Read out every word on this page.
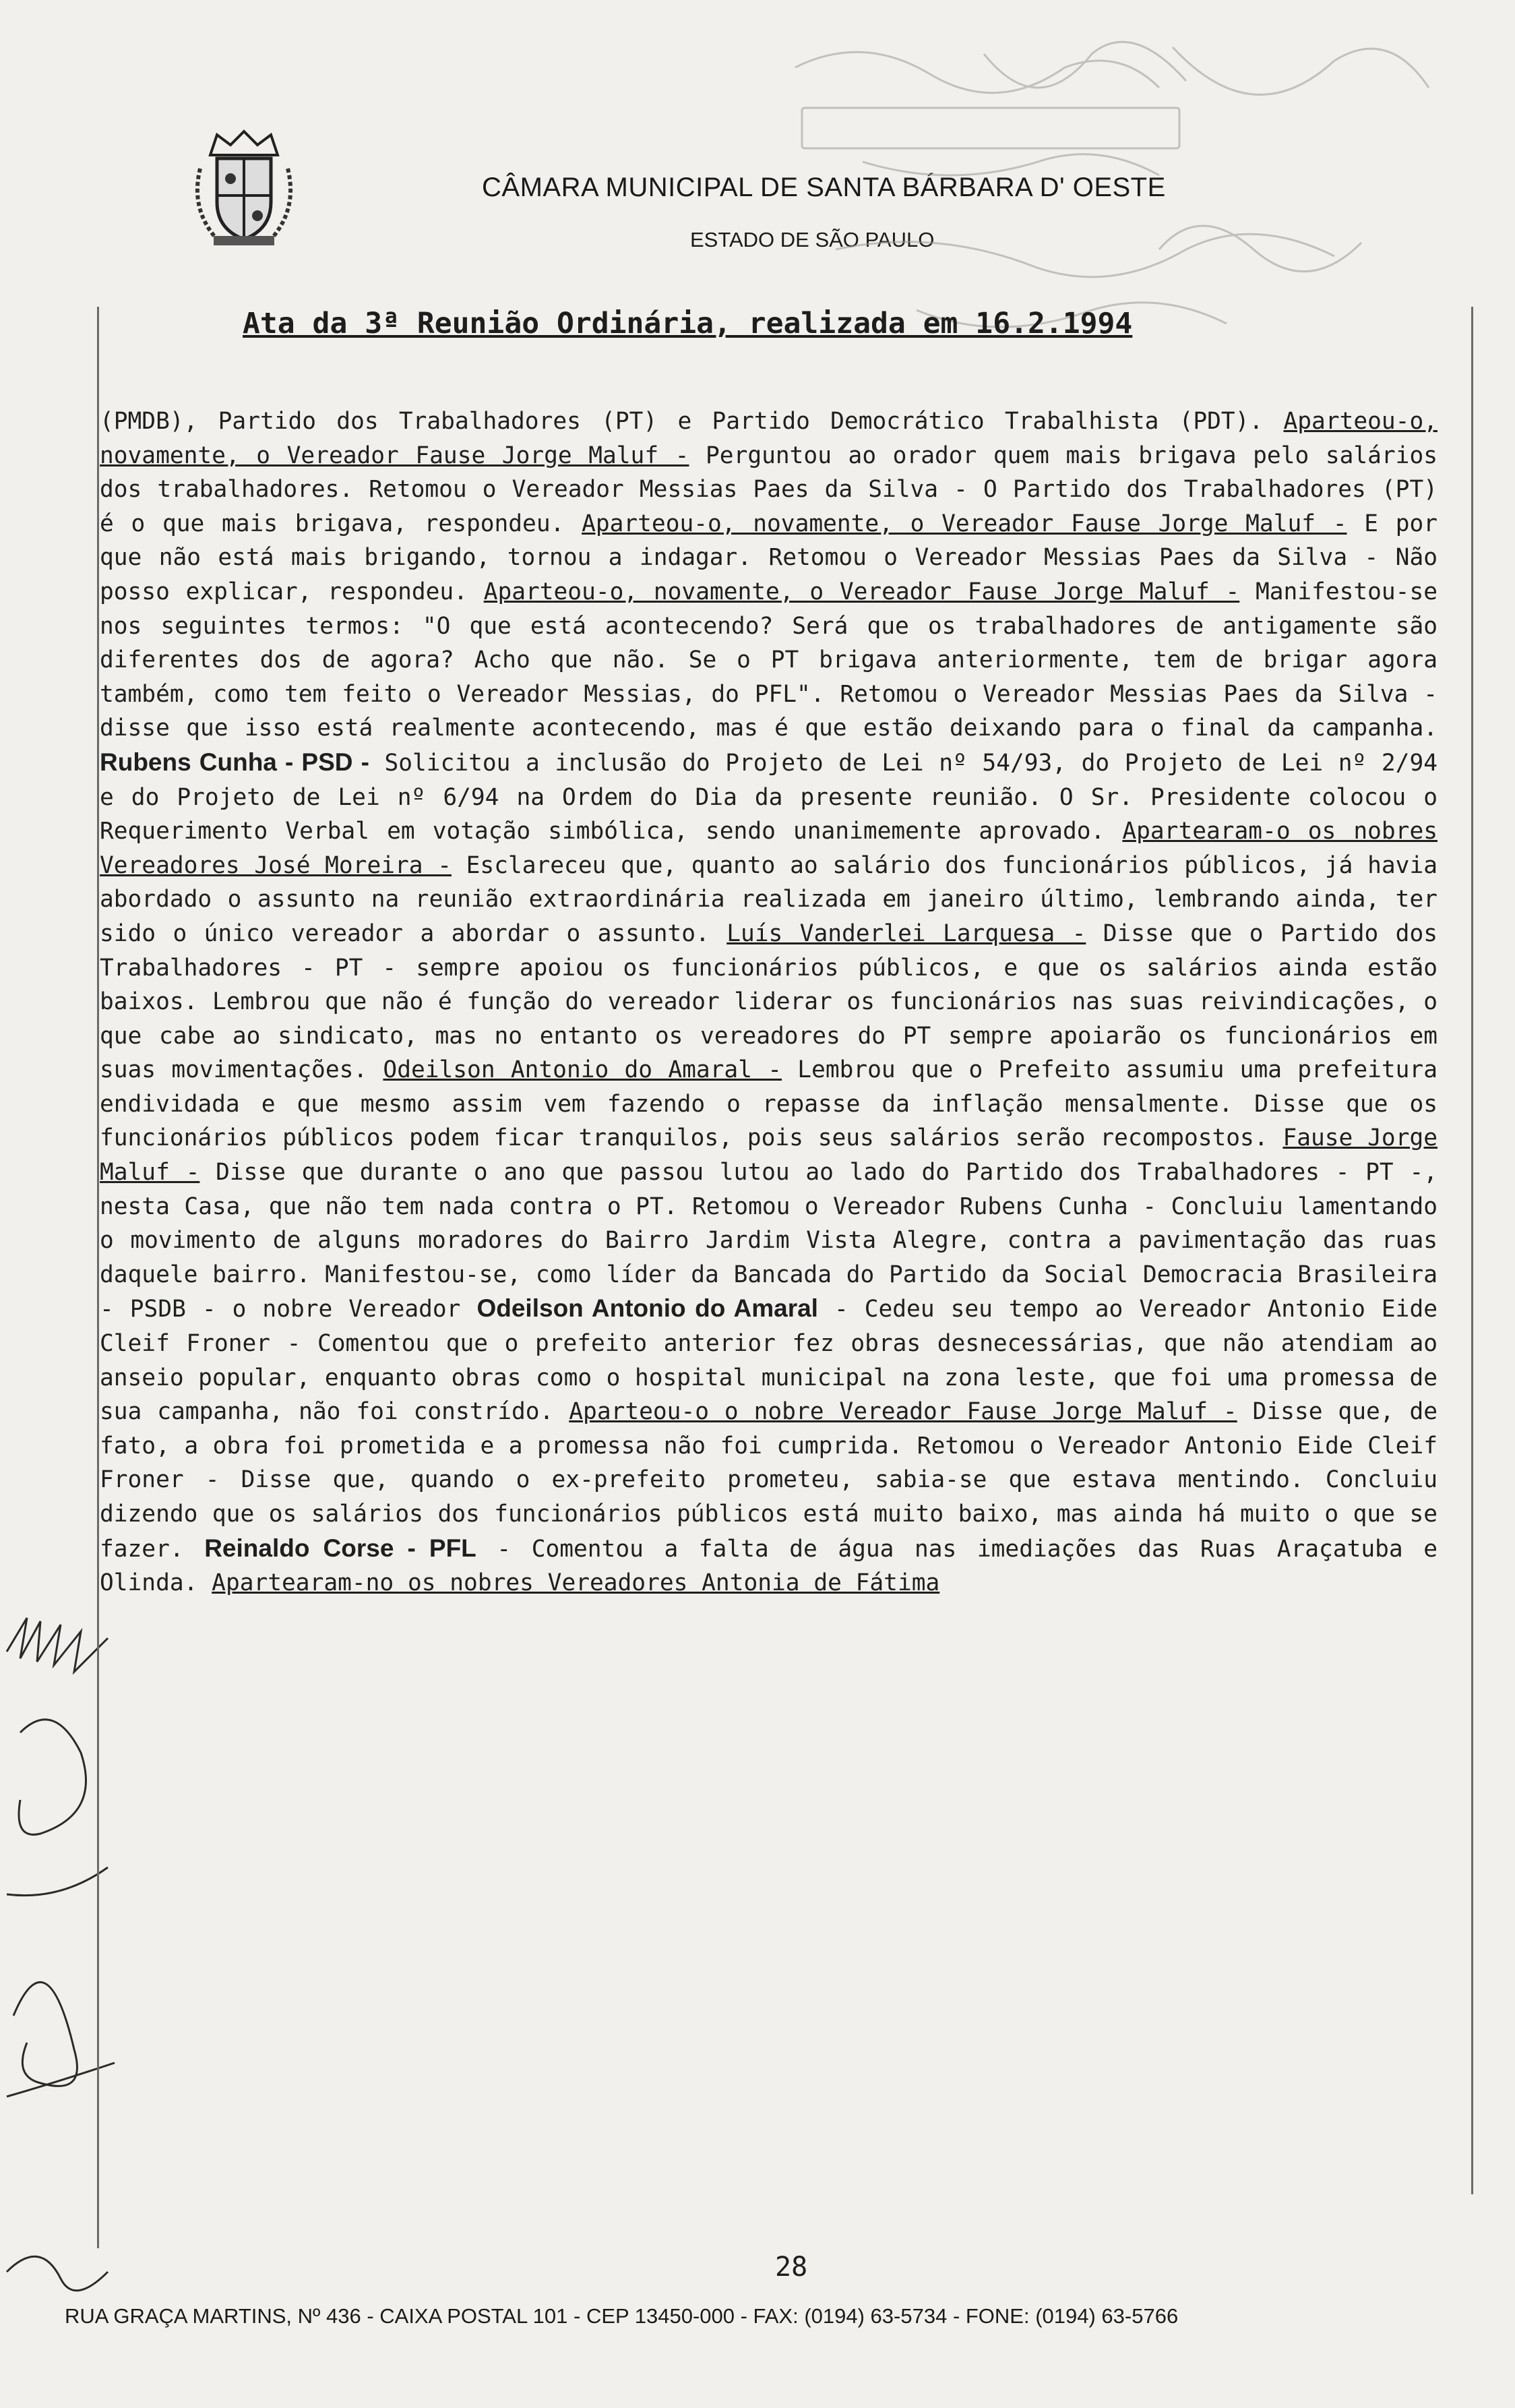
CÂMARA MUNICIPAL DE SANTA BÁRBARA D' OESTE
ESTADO DE SÃO PAULO
Ata da 3ª Reunião Ordinária, realizada em 16.2.1994

(PMDB), Partido dos Trabalhadores (PT) e Partido Democrático Trabalhista (PDT). Aparteou-o, novamente, o Vereador Fause Jorge Maluf - Perguntou ao orador quem mais brigava pelo salários dos trabalhadores. Retomou o Vereador Messias Paes da Silva - O Partido dos Trabalhadores (PT) é o que mais brigava, respondeu. Aparteou-o, novamente, o Vereador Fause Jorge Maluf - E por que não está mais brigando, tornou a indagar. Retomou o Vereador Messias Paes da Silva - Não posso explicar, respondeu. Aparteou-o, novamente, o Vereador Fause Jorge Maluf - Manifestou-se nos seguintes termos: "O que está acontecendo? Será que os trabalhadores de antigamente são diferentes dos de agora? Acho que não. Se o PT brigava anteriormente, tem de brigar agora também, como tem feito o Vereador Messias, do PFL". Retomou o Vereador Messias Paes da Silva - disse que isso está realmente acontecendo, mas é que estão deixando para o final da campanha. Rubens Cunha - PSD - Solicitou a inclusão do Projeto de Lei nº 54/93, do Projeto de Lei nº 2/94 e do Projeto de Lei nº 6/94 na Ordem do Dia da presente reunião. O Sr. Presidente colocou o Requerimento Verbal em votação simbólica, sendo unanimemente aprovado. Apartearam-o os nobres Vereadores José Moreira - Esclareceu que, quanto ao salário dos funcionários públicos, já havia abordado o assunto na reunião extraordinária realizada em janeiro último, lembrando ainda, ter sido o único vereador a abordar o assunto. Luís Vanderlei Larquesa - Disse que o Partido dos Trabalhadores - PT - sempre apoiou os funcionários públicos, e que os salários ainda estão baixos. Lembrou que não é função do vereador liderar os funcionários nas suas reivindicações, o que cabe ao sindicato, mas no entanto os vereadores do PT sempre apoiarão os funcionários em suas movimentações. Odeilson Antonio do Amaral - Lembrou que o Prefeito assumiu uma prefeitura endividada e que mesmo assim vem fazendo o repasse da inflação mensalmente. Disse que os funcionários públicos podem ficar tranquilos, pois seus salários serão recompostos. Fause Jorge Maluf - Disse que durante o ano que passou lutou ao lado do Partido dos Trabalhadores - PT -, nesta Casa, que não tem nada contra o PT. Retomou o Vereador Rubens Cunha - Concluiu lamentando o movimento de alguns moradores do Bairro Jardim Vista Alegre, contra a pavimentação das ruas daquele bairro. Manifestou-se, como líder da Bancada do Partido da Social Democracia Brasileira - PSDB - o nobre Vereador Odeilson Antonio do Amaral - Cedeu seu tempo ao Vereador Antonio Eide Cleif Froner - Comentou que o prefeito anterior fez obras desnecessárias, que não atendiam ao anseio popular, enquanto obras como o hospital municipal na zona leste, que foi uma promessa de sua campanha, não foi constrído. Aparteou-o o nobre Vereador Fause Jorge Maluf - Disse que, de fato, a obra foi prometida e a promessa não foi cumprida. Retomou o Vereador Antonio Eide Cleif Froner - Disse que, quando o ex-prefeito prometeu, sabia-se que estava mentindo. Concluiu dizendo que os salários dos funcionários públicos está muito baixo, mas ainda há muito o que se fazer. Reinaldo Corse - PFL - Comentou a falta de água nas imediações das Ruas Araçatuba e Olinda. Apartearam-no os nobres Vereadores Antonia de Fátima

28
RUA GRAÇA MARTINS, Nº 436 - CAIXA POSTAL 101 - CEP 13450-000 - FAX: (0194) 63-5734 - FONE: (0194) 63-5766
